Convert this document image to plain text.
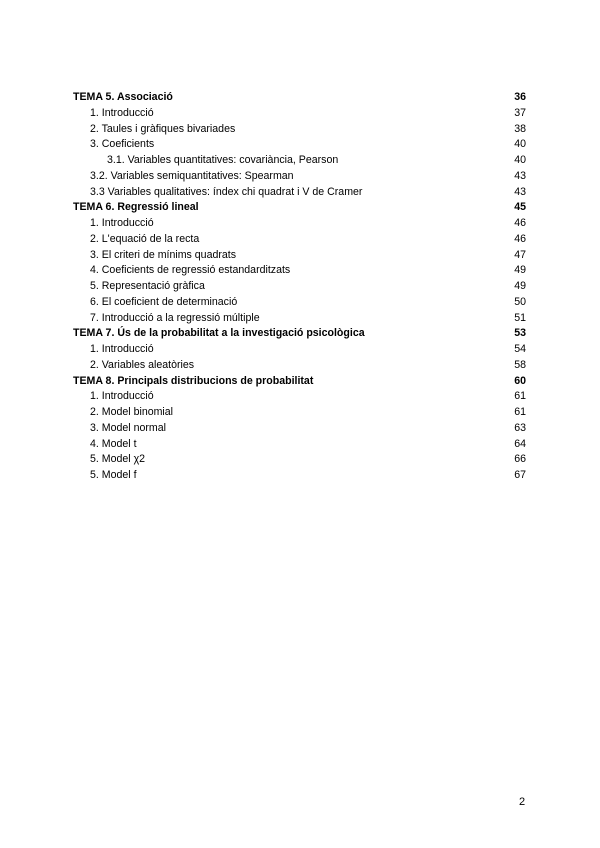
TEMA 5. Associació	36
1. Introducció	37
2. Taules i gràfiques bivariades	38
3. Coeficients	40
3.1. Variables quantitatives: covariància, Pearson	40
3.2. Variables semiquantitatives: Spearman	43
3.3 Variables qualitatives: índex chi quadrat i V de Cramer	43
TEMA 6. Regressió lineal	45
1. Introducció	46
2. L'equació de la recta	46
3. El criteri de mínims quadrats	47
4. Coeficients de regressió estandarditzats	49
5. Representació gràfica	49
6. El coeficient de determinació	50
7. Introducció a la regressió múltiple	51
TEMA 7. Ús de la probabilitat a la investigació psicològica	53
1. Introducció	54
2. Variables aleatòries	58
TEMA 8. Principals distribucions de probabilitat	60
1. Introducció	61
2. Model binomial	61
3. Model normal	63
4. Model t	64
5. Model χ2	66
5. Model f	67
2
